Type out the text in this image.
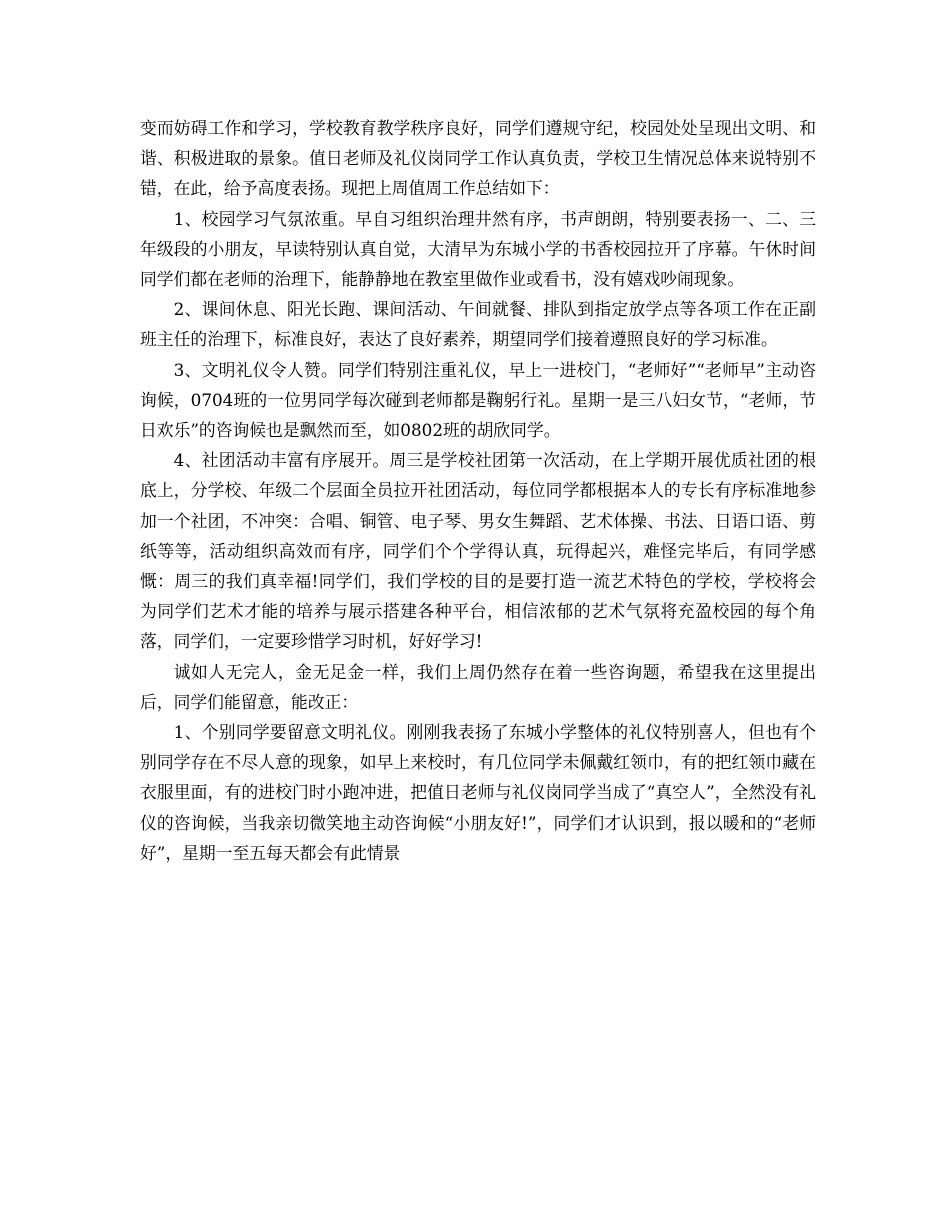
变而妨碍工作和学习，学校教育教学秩序良好，同学们遵规守纪，校园处处呈现出文明、和谐、积极进取的景象。值日老师及礼仪岗同学工作认真负责，学校卫生情况总体来说特别不错，在此，给予高度表扬。现把上周值周工作总结如下：

1、校园学习气氛浓重。早自习组织治理井然有序，书声朗朗，特别要表扬一、二、三年级段的小朋友，早读特别认真自觉，大清早为东城小学的书香校园拉开了序幕。午休时间同学们都在老师的治理下，能静静地在教室里做作业或看书，没有嬉戏吵闹现象。

2、课间休息、阳光长跑、课间活动、午间就餐、排队到指定放学点等各项工作在正副班主任的治理下，标准良好，表达了良好素养，期望同学们接着遵照良好的学习标准。

3、文明礼仪令人赞。同学们特别注重礼仪，早上一进校门，“老师好”“老师早”主动咨询候，0704班的一位男同学每次碰到老师都是鞠躬行礼。星期一是三八妇女节，“老师，节日欢乐”的咨询候也是飘然而至，如0802班的胡欣同学。

4、社团活动丰富有序展开。周三是学校社团第一次活动，在上学期开展优质社团的根底上，分学校、年级二个层面全员拉开社团活动，每位同学都根据本人的专长有序标准地参加一个社团，不冲突：合唱、铜管、电子琴、男女生舞蹈、艺术体操、书法、日语口语、剪纸等等，活动组织高效而有序，同学们个个学得认真，玩得起兴，难怪完毕后，有同学感慨：周三的我们真幸福!同学们，我们学校的目的是要打造一流艺术特色的学校，学校将会为同学们艺术才能的培养与展示搭建各种平台，相信浓郁的艺术气氛将充盈校园的每个角落，同学们，一定要珍惜学习时机，好好学习!

诚如人无完人，金无足金一样，我们上周仍然存在着一些咨询题，希望我在这里提出后，同学们能留意，能改正：

1、个别同学要留意文明礼仪。刚刚我表扬了东城小学整体的礼仪特别喜人，但也有个别同学存在不尽人意的现象，如早上来校时，有几位同学未佩戴红领巾，有的把红领巾藏在衣服里面，有的进校门时小跑冲进，把值日老师与礼仪岗同学当成了“真空人”，全然没有礼仪的咨询候，当我亲切微笑地主动咨询候“小朋友好!”，同学们才认识到，报以暖和的“老师好”，星期一至五每天都会有此情景
